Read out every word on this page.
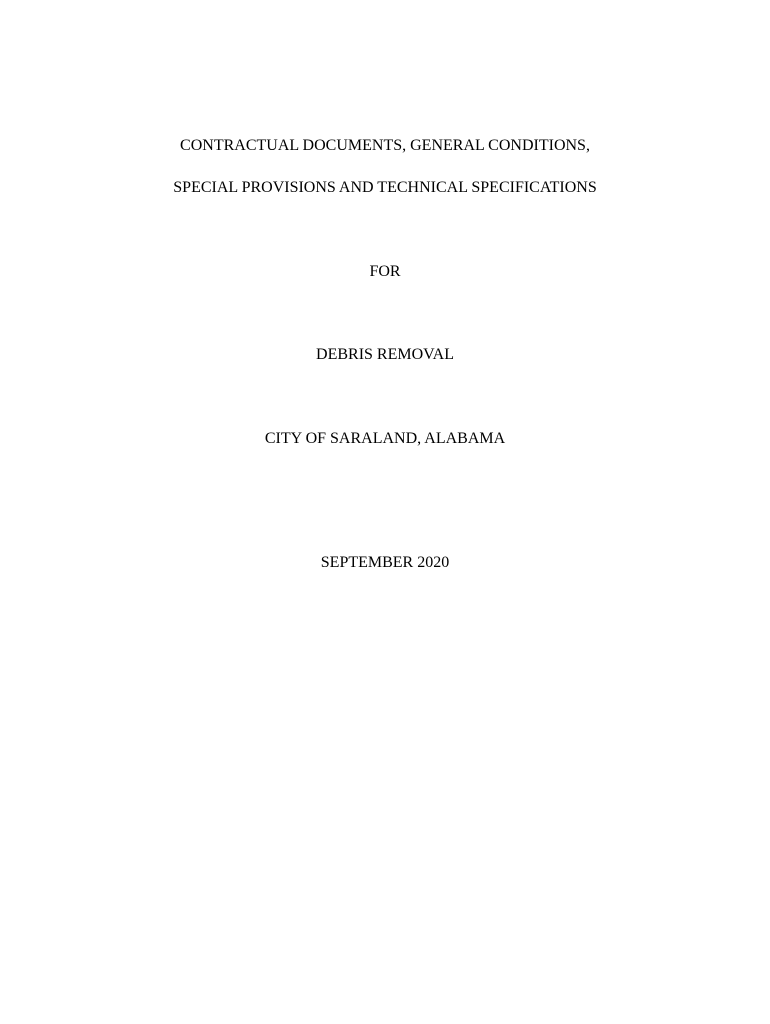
CONTRACTUAL DOCUMENTS, GENERAL CONDITIONS,
SPECIAL PROVISIONS AND TECHNICAL SPECIFICATIONS
FOR
DEBRIS REMOVAL
CITY OF SARALAND, ALABAMA
SEPTEMBER 2020
